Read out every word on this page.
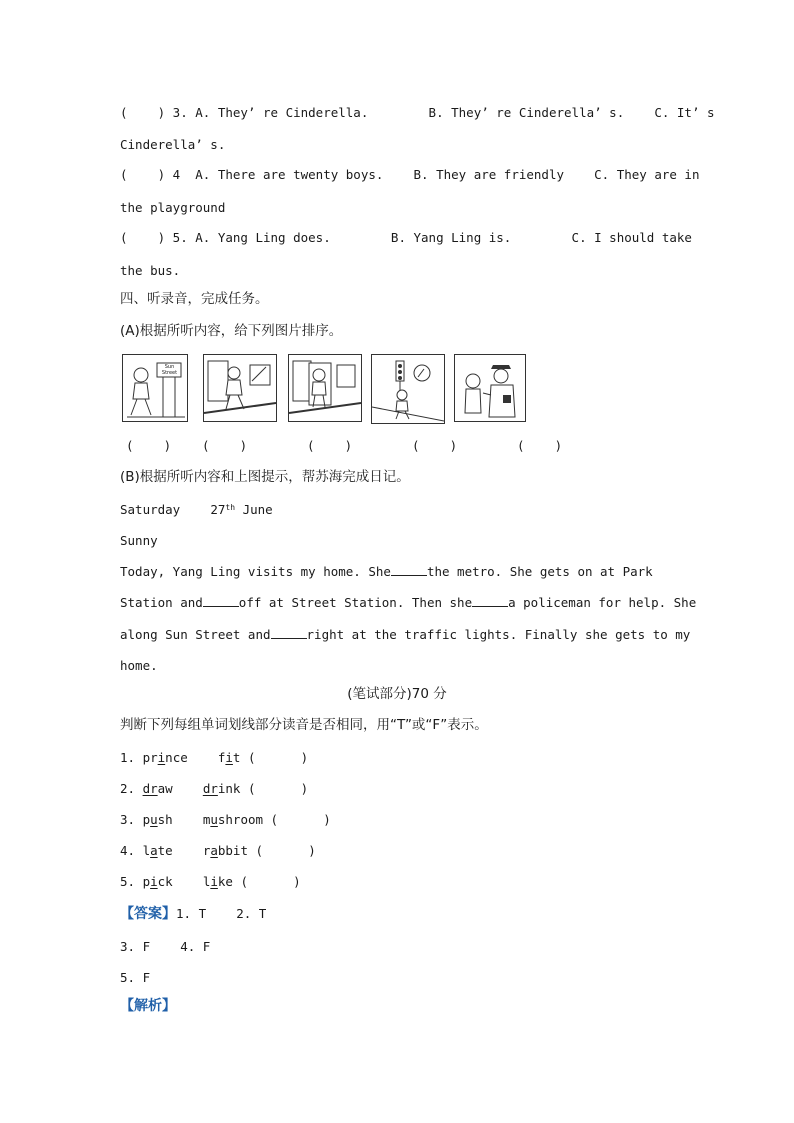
(    ) 3. A. They’ re Cinderella.        B. They’ re Cinderella’ s.    C. It’ s
Cinderella’ s.
(    ) 4  A. There are twenty boys.    B. They are friendly    C. They are in
the playground
(    ) 5. A. Yang Ling does.        B. Yang Ling is.        C. I should take
the bus.
四、听录音，完成任务。
(A)根据所听内容，给下列图片排序。
Sun Street
(    ) (    )	(    )	(    )	(    )
(B)根据所听内容和上图提示，帮苏海完成日记。
Saturday 27th June
Sunny
Today, Yang Ling visits my home. She	the metro. She gets on at Park
Station and	off at Street Station. Then she	a policeman for help. She
along Sun Street and	right at the traffic lights. Finally she gets to my
home.
(笔试部分)70 分
判断下列每组单词划线部分读音是否相同，用“T”或“F”表示。
1. prince fit (      )
2. draw drink (      )
3. push mushroom (      )
4. late rabbit (      )
5. pick like (      )
【答案】1. T    2. T
3. F    4. F
5. F
【解析】
